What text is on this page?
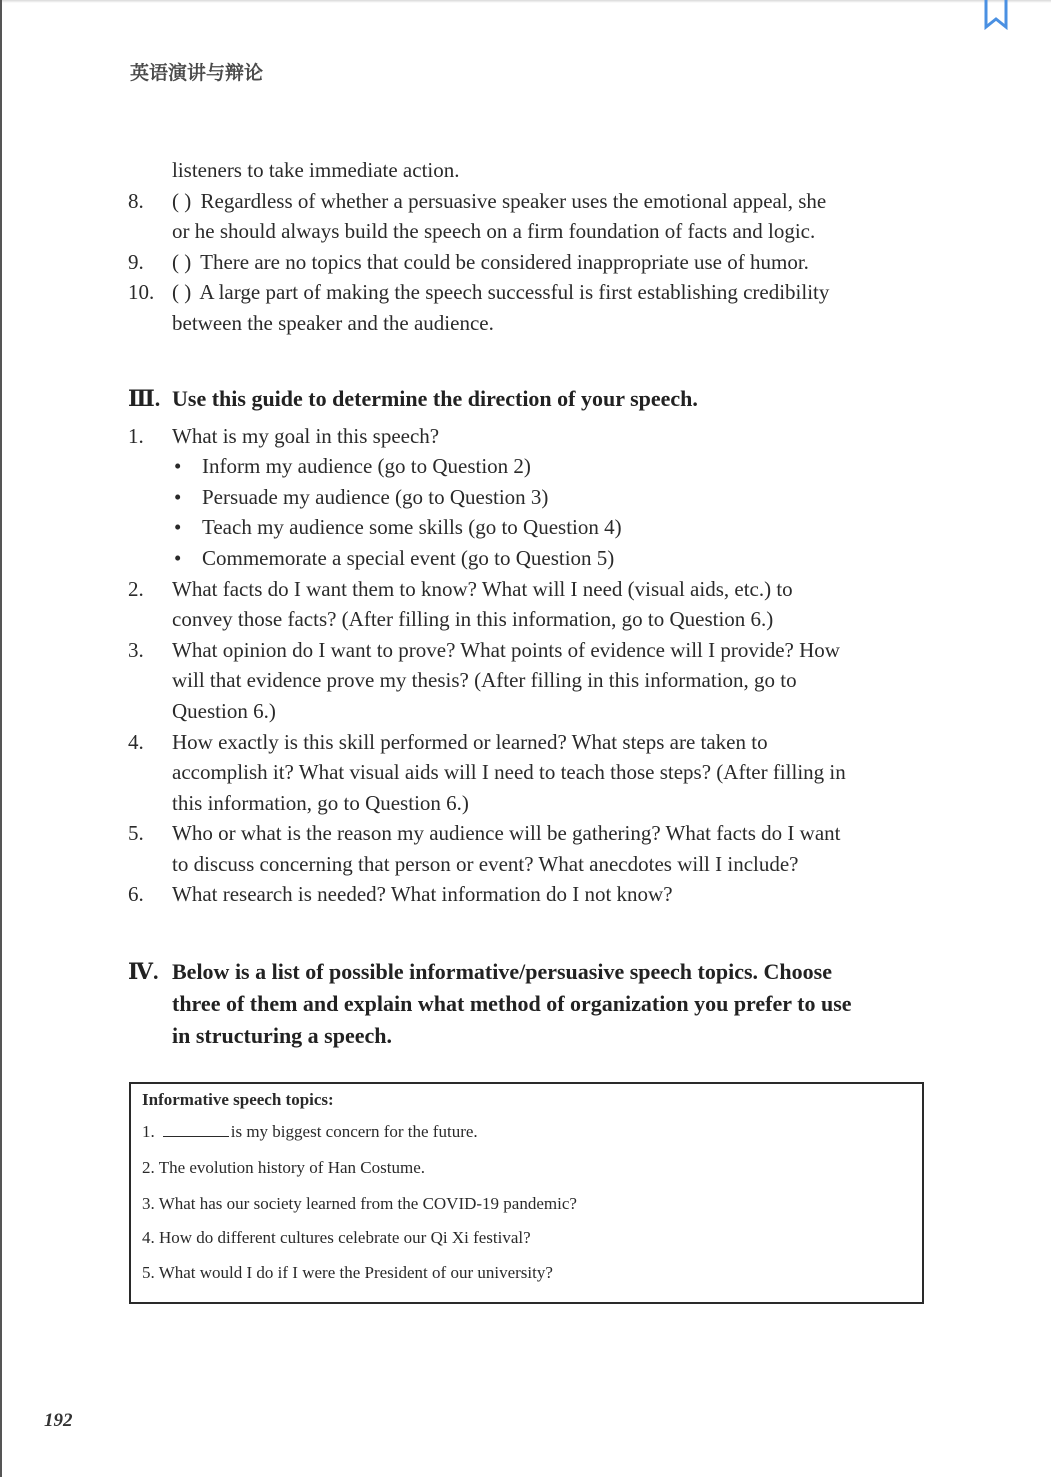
英语演讲与辩论
listeners to take immediate action.
8.	( ) Regardless of whether a persuasive speaker uses the emotional appeal, she
or he should always build the speech on a firm foundation of facts and logic.
9.	( ) There are no topics that could be considered inappropriate use of humor.
10. ( ) A large part of making the speech successful is first establishing credibility
between the speaker and the audience.
Ⅲ. Use this guide to determine the direction of your speech.
1.	What is my goal in this speech?
• Inform my audience (go to Question 2)
• Persuade my audience (go to Question 3)
• Teach my audience some skills (go to Question 4)
• Commemorate a special event (go to Question 5)
2.	What facts do I want them to know? What will I need (visual aids, etc.) to
convey those facts? (After filling in this information, go to Question 6.)
3.	What opinion do I want to prove? What points of evidence will I provide? How
will that evidence prove my thesis? (After filling in this information, go to
Question 6.)
4.	How exactly is this skill performed or learned? What steps are taken to
accomplish it? What visual aids will I need to teach those steps? (After filling in
this information, go to Question 6.)
5.	Who or what is the reason my audience will be gathering? What facts do I want
to discuss concerning that person or event? What anecdotes will I include?
6.	What research is needed? What information do I not know?
Ⅳ. Below is a list of possible informative/persuasive speech topics. Choose
three of them and explain what method of organization you prefer to use
in structuring a speech.
Informative speech topics:
1.	is my biggest concern for the future.
2. The evolution history of Han Costume.
3. What has our society learned from the COVID-19 pandemic?
4. How do different cultures celebrate our Qi Xi festival?
5. What would I do if I were the President of our university?
192
